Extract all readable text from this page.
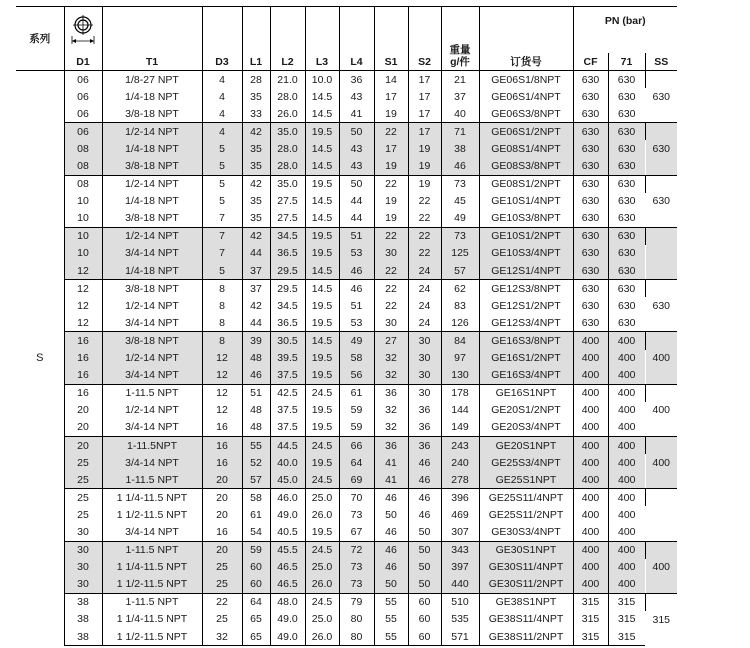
系列										重量
g/件		PN (bar)		
	D1	T1	D3	L1	L2	L3	L4	S1	S2		订货号	CF	71	SS
S	06	1/8-27 NPT	4	28	21.0	10.0	36	14	17	21	GE06S1/8NPT	630	630	630
	06	1/4-18 NPT	4	35	28.0	14.5	43	17	17	37	GE06S1/4NPT	630	630	
	06	3/8-18 NPT	4	33	26.0	14.5	41	19	17	40	GE06S3/8NPT	630	630	
	06	1/2-14 NPT	4	42	35.0	19.5	50	22	17	71	GE06S1/2NPT	630	630	630
	08	1/4-18 NPT	5	35	28.0	14.5	43	17	19	38	GE08S1/4NPT	630	630	
	08	3/8-18 NPT	5	35	28.0	14.5	43	19	19	46	GE08S3/8NPT	630	630	
	08	1/2-14 NPT	5	42	35.0	19.5	50	22	19	73	GE08S1/2NPT	630	630	630
	10	1/4-18 NPT	5	35	27.5	14.5	44	19	22	45	GE10S1/4NPT	630	630	
	10	3/8-18 NPT	7	35	27.5	14.5	44	19	22	49	GE10S3/8NPT	630	630	
	10	1/2-14 NPT	7	42	34.5	19.5	51	22	22	73	GE10S1/2NPT	630	630	
	10	3/4-14 NPT	7	44	36.5	19.5	53	30	22	125	GE10S3/4NPT	630	630	
	12	1/4-18 NPT	5	37	29.5	14.5	46	22	24	57	GE12S1/4NPT	630	630	
	12	3/8-18 NPT	8	37	29.5	14.5	46	22	24	62	GE12S3/8NPT	630	630	630
	12	1/2-14 NPT	8	42	34.5	19.5	51	22	24	83	GE12S1/2NPT	630	630	
	12	3/4-14 NPT	8	44	36.5	19.5	53	30	24	126	GE12S3/4NPT	630	630	
	16	3/8-18 NPT	8	39	30.5	14.5	49	27	30	84	GE16S3/8NPT	400	400	400
	16	1/2-14 NPT	12	48	39.5	19.5	58	32	30	97	GE16S1/2NPT	400	400	
	16	3/4-14 NPT	12	46	37.5	19.5	56	32	30	130	GE16S3/4NPT	400	400	
	16	1-11.5 NPT	12	51	42.5	24.5	61	36	30	178	GE16S1NPT	400	400	400
	20	1/2-14 NPT	12	48	37.5	19.5	59	32	36	144	GE20S1/2NPT	400	400	
	20	3/4-14 NPT	16	48	37.5	19.5	59	32	36	149	GE20S3/4NPT	400	400	
	20	1-11.5NPT	16	55	44.5	24.5	66	36	36	243	GE20S1NPT	400	400	400
	25	3/4-14 NPT	16	52	40.0	19.5	64	41	46	240	GE25S3/4NPT	400	400	
	25	1-11.5 NPT	20	57	45.0	24.5	69	41	46	278	GE25S1NPT	400	400	
	25	1 1/4-11.5 NPT	20	58	46.0	25.0	70	46	46	396	GE25S11/4NPT	400	400	
	25	1 1/2-11.5 NPT	20	61	49.0	26.0	73	50	46	469	GE25S11/2NPT	400	400	
	30	3/4-14 NPT	16	54	40.5	19.5	67	46	50	307	GE30S3/4NPT	400	400	
	30	1-11.5 NPT	20	59	45.5	24.5	72	46	50	343	GE30S1NPT	400	400	400
	30	1 1/4-11.5 NPT	25	60	46.5	25.0	73	46	50	397	GE30S11/4NPT	400	400	
	30	1 1/2-11.5 NPT	25	60	46.5	26.0	73	50	50	440	GE30S11/2NPT	400	400	
	38	1-11.5 NPT	22	64	48.0	24.5	79	55	60	510	GE38S1NPT	315	315	315
	38	1 1/4-11.5 NPT	25	65	49.0	25.0	80	55	60	535	GE38S11/4NPT	315	315	
	38	1 1/2-11.5 NPT	32	65	49.0	26.0	80	55	60	571	GE38S11/2NPT	315	315	
